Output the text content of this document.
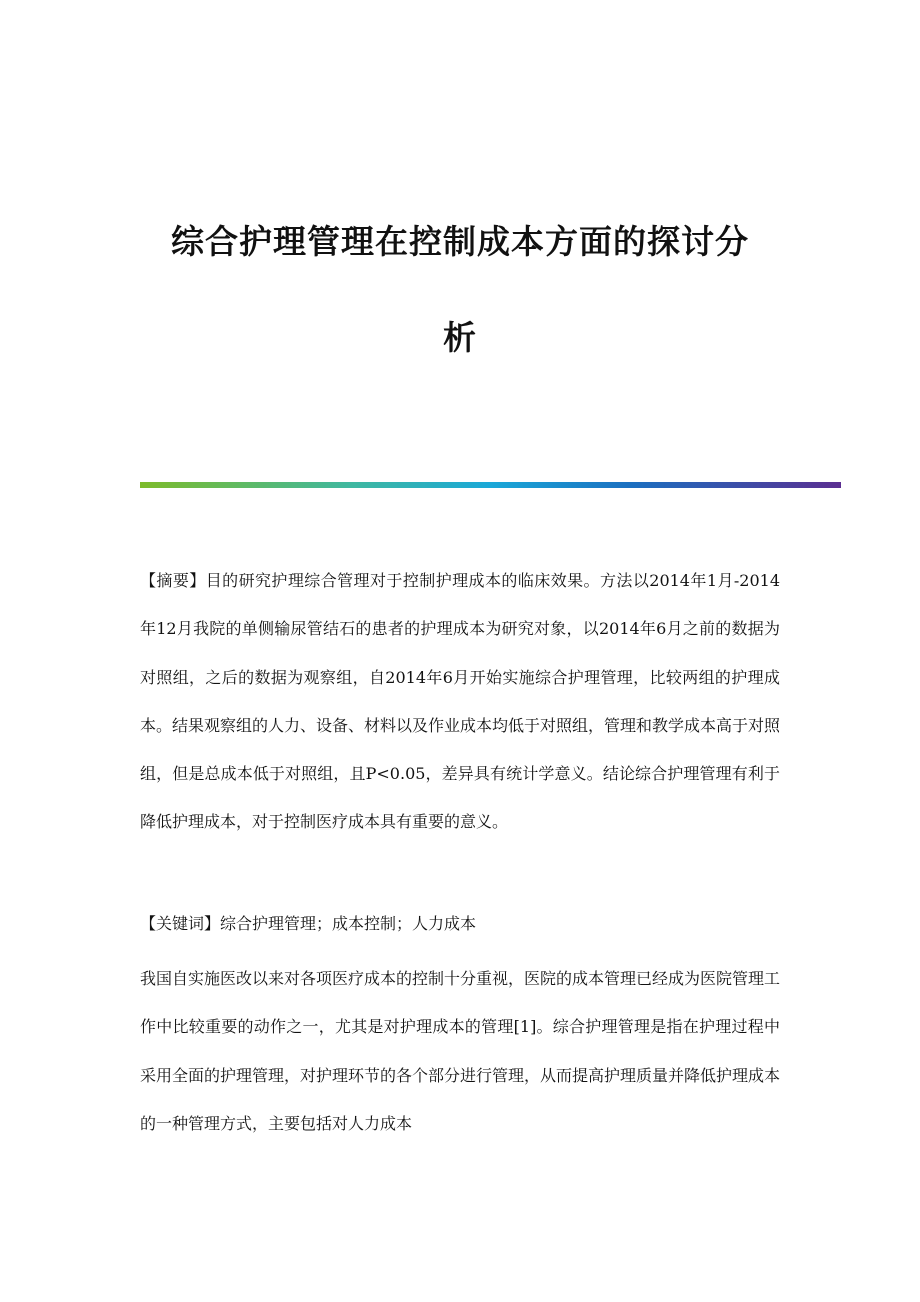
综合护理管理在控制成本方面的探讨分
析

【摘要】目的研究护理综合管理对于控制护理成本的临床效果。方法以2014年1月-2014年12月我院的单侧输尿管结石的患者的护理成本为研究对象，以2014年6月之前的数据为对照组，之后的数据为观察组，自2014年6月开始实施综合护理管理，比较两组的护理成本。结果观察组的人力、设备、材料以及作业成本均低于对照组，管理和教学成本高于对照组，但是总成本低于对照组，且P<0.05，差异具有统计学意义。结论综合护理管理有利于降低护理成本，对于控制医疗成本具有重要的意义。

【关键词】综合护理管理；成本控制；人力成本

我国自实施医改以来对各项医疗成本的控制十分重视，医院的成本管理已经成为医院管理工作中比较重要的动作之一，尤其是对护理成本的管理[1]。综合护理管理是指在护理过程中采用全面的护理管理，对护理环节的各个部分进行管理，从而提高护理质量并降低护理成本的一种管理方式，主要包括对人力成本
